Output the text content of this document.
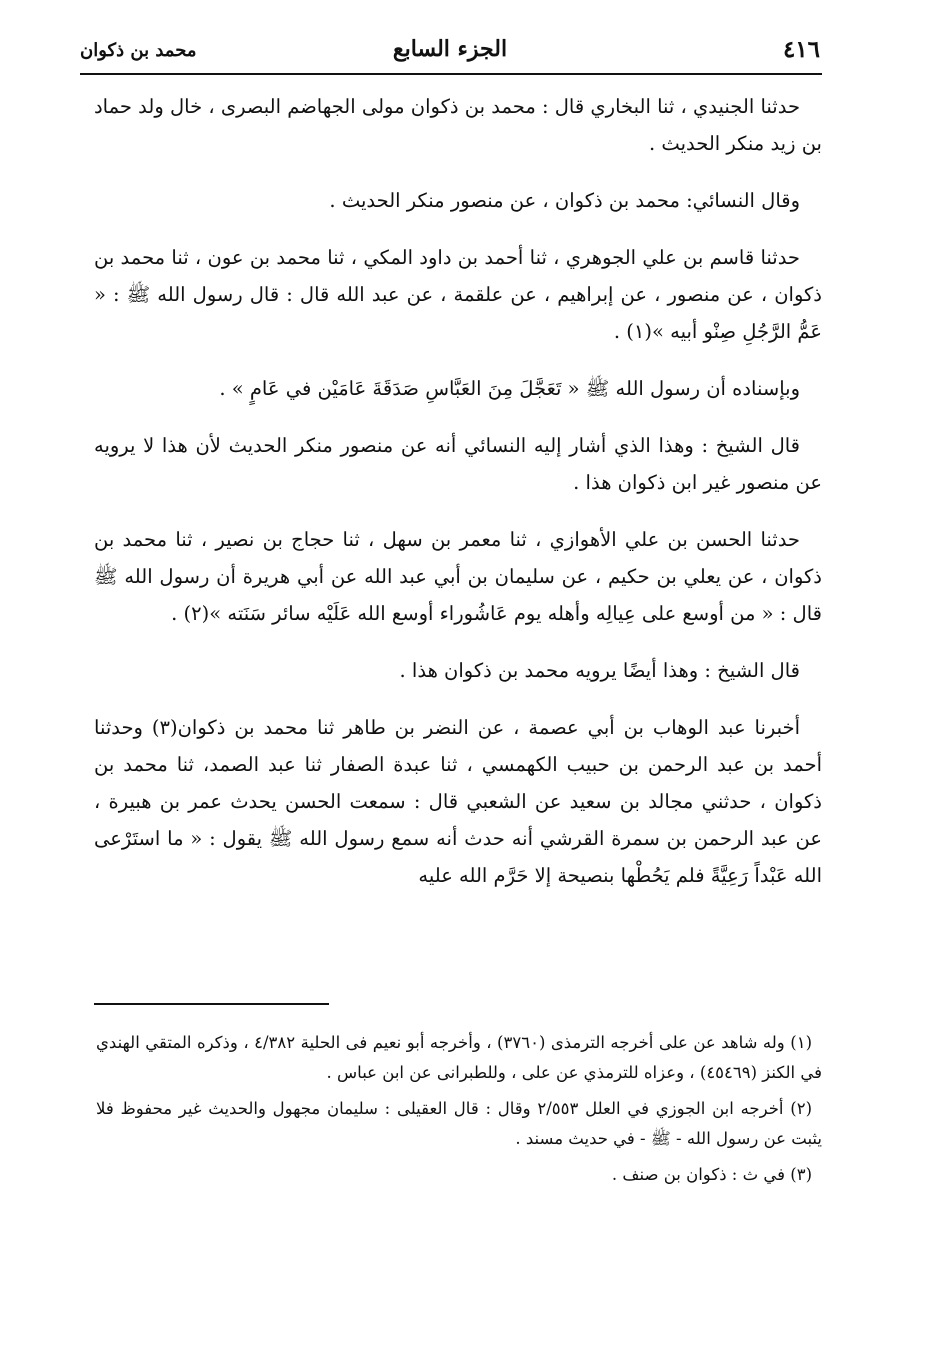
٤١٦
الجزء السابع
محمد بن ذكوان

حدثنا الجنيدي ، ثنا البخاري قال : محمد بن ذكوان مولى الجهاضم البصرى ، خال ولد حماد بن زيد منكر الحديث .

وقال النسائي: محمد بن ذكوان ، عن منصور منكر الحديث .

حدثنا قاسم بن علي الجوهري ، ثنا أحمد بن داود المكي ، ثنا محمد بن عون ، ثنا محمد بن ذكوان ، عن منصور ، عن إبراهيم ، عن علقمة ، عن عبد الله قال : قال رسول الله ﷺ : « عَمُّ الرَّجُلِ صِنْو أبيه »(١) .

وبإسناده أن رسول الله ﷺ « تَعَجَّلَ مِنَ العَبَّاسِ صَدَقَةَ عَامَيْن في عَامٍ » .

قال الشيخ : وهذا الذي أشار إليه النسائي أنه عن منصور منكر الحديث لأن هذا لا يرويه عن منصور غير ابن ذكوان هذا .

حدثنا الحسن بن علي الأهوازي ، ثنا معمر بن سهل ، ثنا حجاج بن نصير ، ثنا محمد بن ذكوان ، عن يعلي بن حكيم ، عن سليمان بن أبي عبد الله عن أبي هريرة أن رسول الله ﷺ قال : « من أوسع على عِيالِه وأهله يوم عَاشُوراء أوسع الله عَلَيْه سائر سَنَته »(٢) .

قال الشيخ : وهذا أيضًا يرويه محمد بن ذكوان هذا .

أخبرنا عبد الوهاب بن أبي عصمة ، عن النضر بن طاهر ثنا محمد بن ذكوان(٣) وحدثنا أحمد بن عبد الرحمن بن حبيب الكهمسي ، ثنا عبدة الصفار ثنا عبد الصمد، ثنا محمد بن ذكوان ، حدثني مجالد بن سعيد عن الشعبي قال : سمعت الحسن يحدث عمر بن هبيرة ، عن عبد الرحمن بن سمرة القرشي أنه حدث أنه سمع رسول الله ﷺ يقول : « ما استَرْعى الله عَبْداً رَعِيَّةً فلم يَحُطْها بنصيحة إلا حَرَّم الله عليه

(١) وله شاهد عن على أخرجه الترمذى (٣٧٦٠) ، وأخرجه أبو نعيم فى الحلية ٤/٣٨٢ ، وذكره المتقي الهندي في الكنز (٤٥٤٦٩) ، وعزاه للترمذي عن على ، وللطبرانى عن ابن عباس .

(٢) أخرجه ابن الجوزي في العلل ٢/٥٥٣ وقال : قال العقيلى : سليمان مجهول والحديث غير محفوظ فلا يثبت عن رسول الله - ﷺ - في حديث مسند .

(٣) في ث : ذكوان بن صنف .
